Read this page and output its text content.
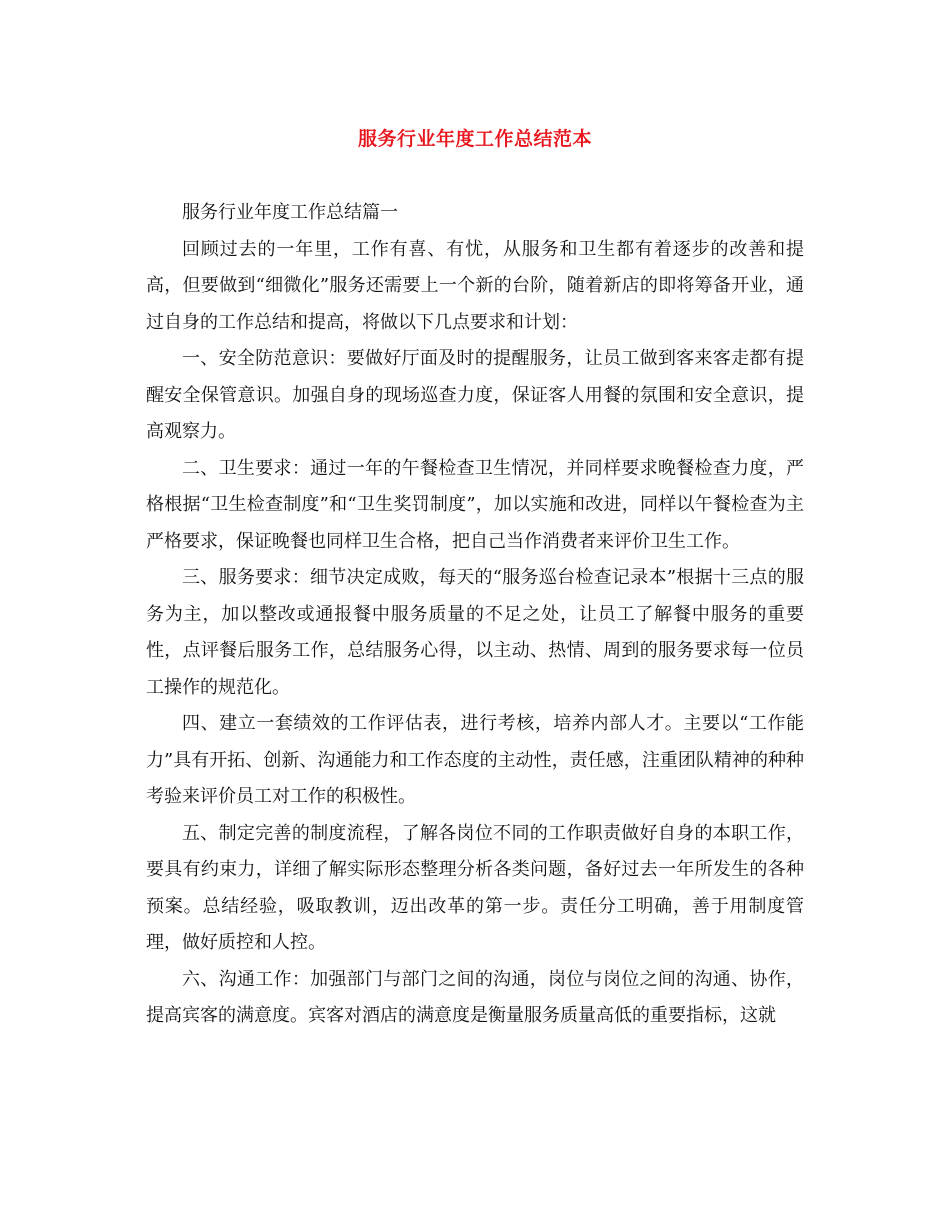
服务行业年度工作总结范本

服务行业年度工作总结篇一

回顾过去的一年里，工作有喜、有忧，从服务和卫生都有着逐步的改善和提高，但要做到“细微化”服务还需要上一个新的台阶，随着新店的即将筹备开业，通过自身的工作总结和提高，将做以下几点要求和计划：

一、安全防范意识：要做好厅面及时的提醒服务，让员工做到客来客走都有提醒安全保管意识。加强自身的现场巡查力度，保证客人用餐的氛围和安全意识，提高观察力。

二、卫生要求：通过一年的午餐检查卫生情况，并同样要求晚餐检查力度，严格根据“卫生检查制度”和“卫生奖罚制度”，加以实施和改进，同样以午餐检查为主严格要求，保证晚餐也同样卫生合格，把自己当作消费者来评价卫生工作。

三、服务要求：细节决定成败，每天的“服务巡台检查记录本”根据十三点的服务为主，加以整改或通报餐中服务质量的不足之处，让员工了解餐中服务的重要性，点评餐后服务工作，总结服务心得，以主动、热情、周到的服务要求每一位员工操作的规范化。

四、建立一套绩效的工作评估表，进行考核，培养内部人才。主要以“工作能力”具有开拓、创新、沟通能力和工作态度的主动性，责任感，注重团队精神的种种考验来评价员工对工作的积极性。

五、制定完善的制度流程，了解各岗位不同的工作职责做好自身的本职工作，要具有约束力，详细了解实际形态整理分析各类问题，备好过去一年所发生的各种预案。总结经验，吸取教训，迈出改革的第一步。责任分工明确，善于用制度管理，做好质控和人控。

六、沟通工作：加强部门与部门之间的沟通，岗位与岗位之间的沟通、协作，提高宾客的满意度。宾客对酒店的满意度是衡量服务质量高低的重要指标，这就
